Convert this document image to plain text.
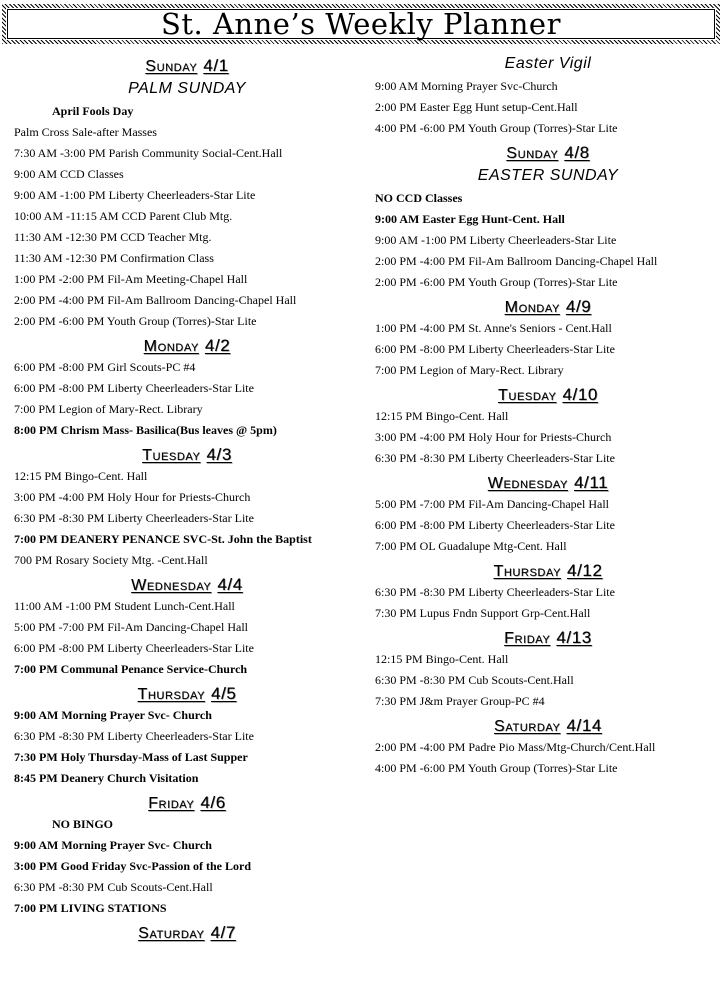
St. Anne’s Weekly Planner
Sunday 4/1
PALM SUNDAY
April Fools Day
Palm Cross Sale-after Masses
7:30 AM -3:00 PM Parish Community Social-Cent.Hall
9:00 AM CCD Classes
9:00 AM -1:00 PM Liberty Cheerleaders-Star Lite
10:00 AM -11:15 AM CCD Parent Club Mtg.
11:30 AM -12:30 PM CCD Teacher Mtg.
11:30 AM -12:30 PM Confirmation Class
1:00 PM -2:00 PM Fil-Am Meeting-Chapel Hall
2:00 PM -4:00 PM Fil-Am Ballroom Dancing-Chapel Hall
2:00 PM -6:00 PM Youth Group (Torres)-Star Lite
Monday 4/2
6:00 PM -8:00 PM Girl Scouts-PC #4
6:00 PM -8:00 PM Liberty Cheerleaders-Star Lite
7:00 PM Legion of Mary-Rect. Library
8:00 PM Chrism Mass- Basilica(Bus leaves @ 5pm)
Tuesday 4/3
12:15 PM Bingo-Cent. Hall
3:00 PM -4:00 PM Holy Hour for Priests-Church
6:30 PM -8:30 PM Liberty Cheerleaders-Star Lite
7:00 PM DEANERY PENANCE SVC-St. John the Baptist
700 PM Rosary Society Mtg. -Cent.Hall
Wednesday 4/4
11:00 AM -1:00 PM Student Lunch-Cent.Hall
5:00 PM -7:00 PM Fil-Am Dancing-Chapel Hall
6:00 PM -8:00 PM Liberty Cheerleaders-Star Lite
7:00 PM Communal Penance Service-Church
Thursday 4/5
9:00 AM Morning Prayer Svc- Church
6:30 PM -8:30 PM Liberty Cheerleaders-Star Lite
7:30 PM Holy Thursday-Mass of Last Supper
8:45 PM Deanery Church Visitation
Friday 4/6
NO BINGO
9:00 AM Morning Prayer Svc- Church
3:00 PM Good Friday Svc-Passion of the Lord
6:30 PM -8:30 PM Cub Scouts-Cent.Hall
7:00 PM LIVING STATIONS
Saturday 4/7
Easter Vigil
9:00 AM Morning Prayer Svc-Church
2:00 PM Easter Egg Hunt setup-Cent.Hall
4:00 PM -6:00 PM Youth Group (Torres)-Star Lite
Sunday 4/8
EASTER SUNDAY
NO CCD Classes
9:00 AM Easter Egg Hunt-Cent. Hall
9:00 AM -1:00 PM Liberty Cheerleaders-Star Lite
2:00 PM -4:00 PM Fil-Am Ballroom Dancing-Chapel Hall
2:00 PM -6:00 PM Youth Group (Torres)-Star Lite
Monday 4/9
1:00 PM -4:00 PM St. Anne's Seniors - Cent.Hall
6:00 PM -8:00 PM Liberty Cheerleaders-Star Lite
7:00 PM Legion of Mary-Rect. Library
Tuesday 4/10
12:15 PM Bingo-Cent. Hall
3:00 PM -4:00 PM Holy Hour for Priests-Church
6:30 PM -8:30 PM Liberty Cheerleaders-Star Lite
Wednesday 4/11
5:00 PM -7:00 PM Fil-Am Dancing-Chapel Hall
6:00 PM -8:00 PM Liberty Cheerleaders-Star Lite
7:00 PM OL Guadalupe Mtg-Cent. Hall
Thursday 4/12
6:30 PM -8:30 PM Liberty Cheerleaders-Star Lite
7:30 PM Lupus Fndn Support Grp-Cent.Hall
Friday 4/13
12:15 PM Bingo-Cent. Hall
6:30 PM -8:30 PM Cub Scouts-Cent.Hall
7:30 PM J&m Prayer Group-PC #4
Saturday 4/14
2:00 PM -4:00 PM Padre Pio Mass/Mtg-Church/Cent.Hall
4:00 PM -6:00 PM Youth Group (Torres)-Star Lite
